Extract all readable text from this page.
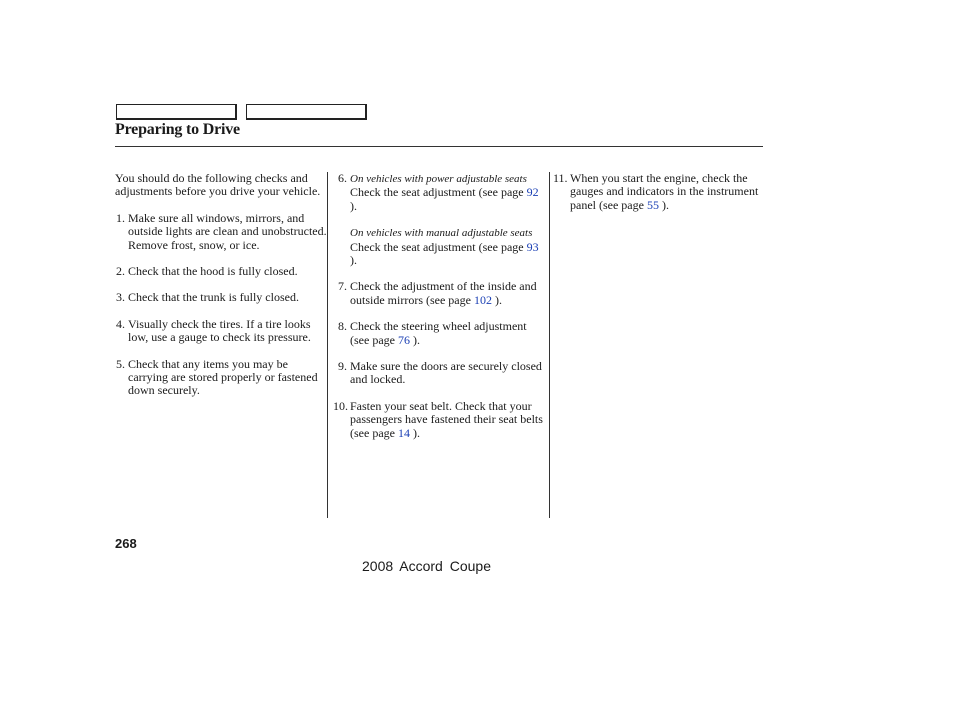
Preparing to Drive

You should do the following checks and adjustments before you drive your vehicle.

1. Make sure all windows, mirrors, and outside lights are clean and unobstructed. Remove frost, snow, or ice.
2. Check that the hood is fully closed.
3. Check that the trunk is fully closed.
4. Visually check the tires. If a tire looks low, use a gauge to check its pressure.
5. Check that any items you may be carrying are stored properly or fastened down securely.
6. On vehicles with power adjustable seats
Check the seat adjustment (see page 92 ).
On vehicles with manual adjustable seats
Check the seat adjustment (see page 93 ).
7. Check the adjustment of the inside and outside mirrors (see page 102 ).
8. Check the steering wheel adjustment (see page 76 ).
9. Make sure the doors are securely closed and locked.
10. Fasten your seat belt. Check that your passengers have fastened their seat belts (see page 14 ).
11. When you start the engine, check the gauges and indicators in the instrument panel (see page 55 ).
268
2008 Accord Coupe
